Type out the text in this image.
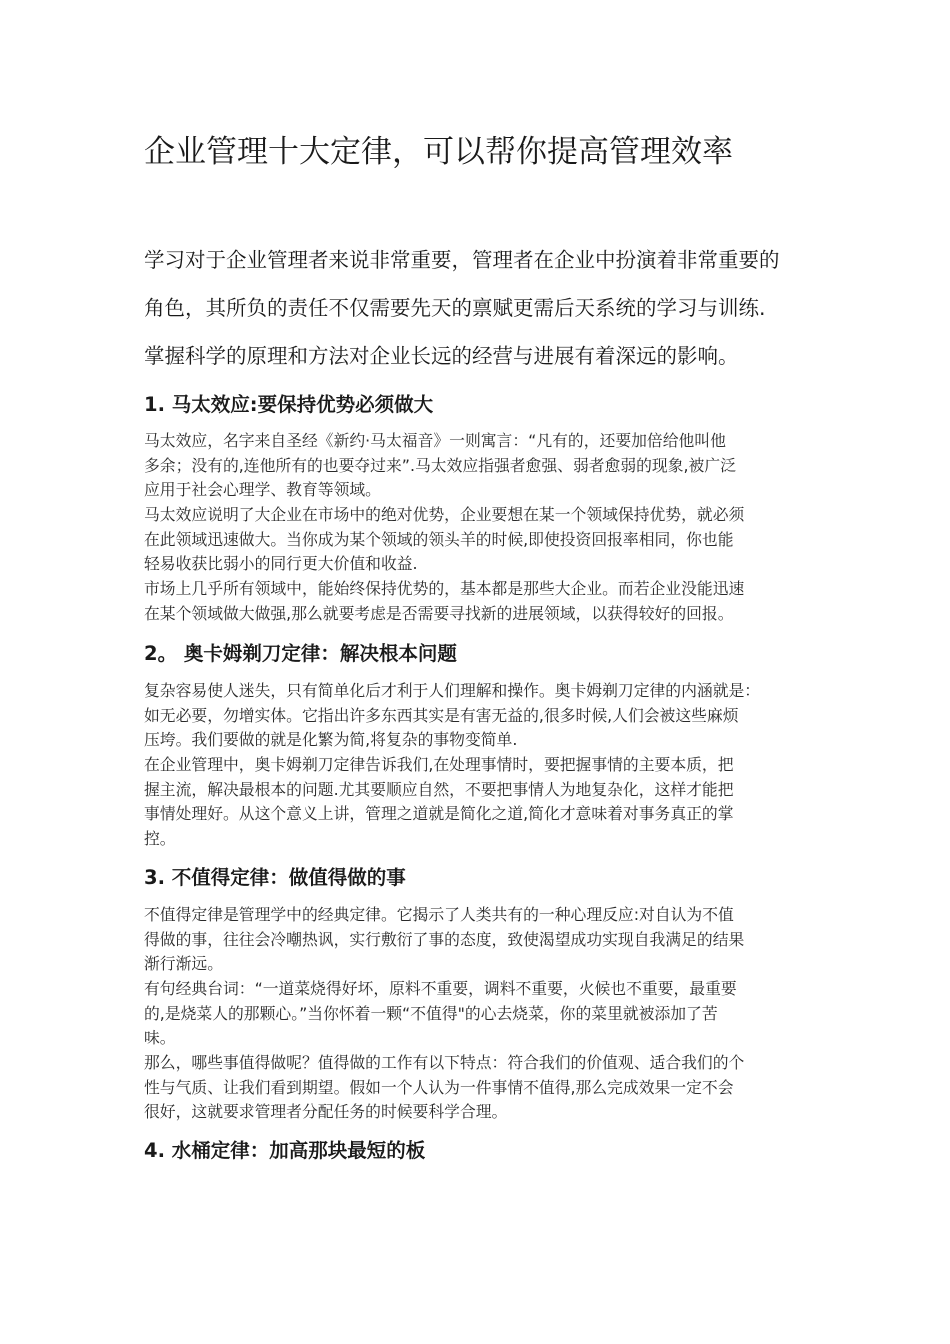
企业管理十大定律，可以帮你提高管理效率
学习对于企业管理者来说非常重要，管理者在企业中扮演着非常重要的
角色，其所负的责任不仅需要先天的禀赋更需后天系统的学习与训练.
掌握科学的原理和方法对企业长远的经营与进展有着深远的影响。
1. 马太效应:要保持优势必须做大
马太效应，名字来自圣经《新约·马太福音》一则寓言：“凡有的，还要加倍给他叫他
多余；没有的,连他所有的也要夺过来”.马太效应指强者愈强、弱者愈弱的现象,被广泛
应用于社会心理学、教育等领域。
马太效应说明了大企业在市场中的绝对优势，企业要想在某一个领域保持优势，就必须
在此领域迅速做大。当你成为某个领域的领头羊的时候,即使投资回报率相同，你也能
轻易收获比弱小的同行更大价值和收益.
市场上几乎所有领域中，能始终保持优势的，基本都是那些大企业。而若企业没能迅速
在某个领域做大做强,那么就要考虑是否需要寻找新的进展领域，以获得较好的回报。
2。 奥卡姆剃刀定律：解决根本问题
复杂容易使人迷失，只有简单化后才利于人们理解和操作。奥卡姆剃刀定律的内涵就是：
如无必要，勿增实体。它指出许多东西其实是有害无益的,很多时候,人们会被这些麻烦
压垮。我们要做的就是化繁为简,将复杂的事物变简单.
在企业管理中，奥卡姆剃刀定律告诉我们,在处理事情时，要把握事情的主要本质，把
握主流，解决最根本的问题.尤其要顺应自然，不要把事情人为地复杂化，这样才能把
事情处理好。从这个意义上讲，管理之道就是简化之道,简化才意味着对事务真正的掌
控。
3. 不值得定律：做值得做的事
不值得定律是管理学中的经典定律。它揭示了人类共有的一种心理反应:对自认为不值
得做的事，往往会冷嘲热讽，实行敷衍了事的态度，致使渴望成功实现自我满足的结果
渐行渐远。
有句经典台词：“一道菜烧得好坏，原料不重要，调料不重要，火候也不重要，最重要
的,是烧菜人的那颗心。”当你怀着一颗“不值得"的心去烧菜，你的菜里就被添加了苦
味。
那么，哪些事值得做呢？值得做的工作有以下特点：符合我们的价值观、适合我们的个
性与气质、让我们看到期望。假如一个人认为一件事情不值得,那么完成效果一定不会
很好，这就要求管理者分配任务的时候要科学合理。
4. 水桶定律：加高那块最短的板
